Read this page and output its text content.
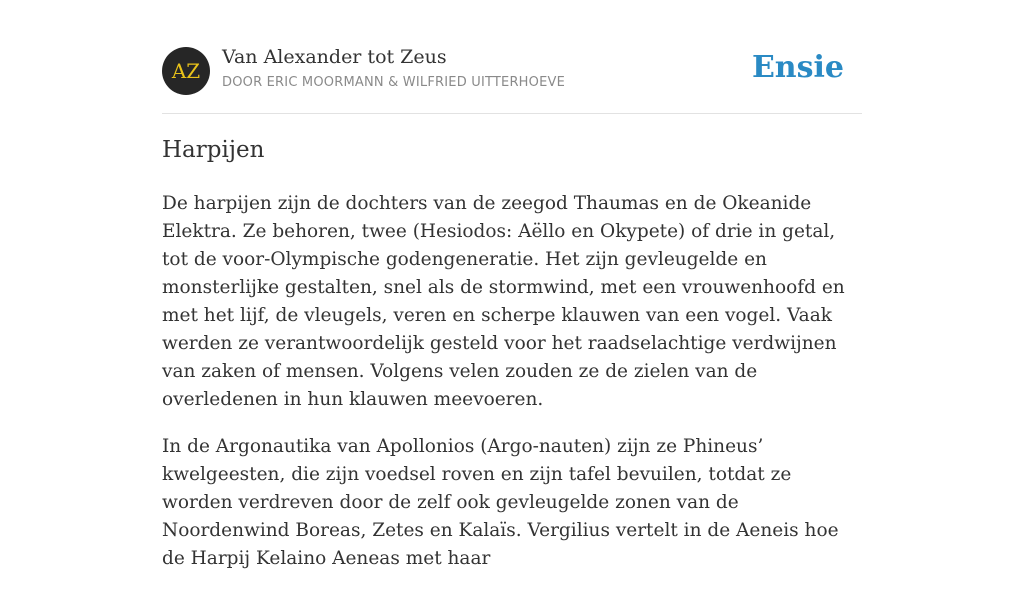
AZ
Van Alexander tot Zeus
DOOR ERIC MOORMANN & WILFRIED UITTERHOEVE	Ensie
Harpijen

De harpijen zijn de dochters van de zeegod Thaumas en de Okeanide Elektra. Ze behoren, twee (Hesiodos: Aëllo en Okypete) of drie in getal, tot de voor-Olympische godengeneratie. Het zijn gevleugelde en monsterlijke gestalten, snel als de stormwind, met een vrouwenhoofd en met het lijf, de vleugels, veren en scherpe klauwen van een vogel. Vaak werden ze verantwoordelijk gesteld voor het raadselachtige verdwijnen van zaken of mensen. Volgens velen zouden ze de zielen van de overledenen in hun klauwen meevoeren.

In de Argonautika van Apollonios (Argo-nauten) zijn ze Phineus’ kwelgeesten, die zijn voedsel roven en zijn tafel bevuilen, totdat ze worden verdreven door de zelf ook gevleugelde zonen van de Noordenwind Boreas, Zetes en Kalaïs. Vergilius vertelt in de Aeneis hoe de Harpij Kelaino Aeneas met haar
